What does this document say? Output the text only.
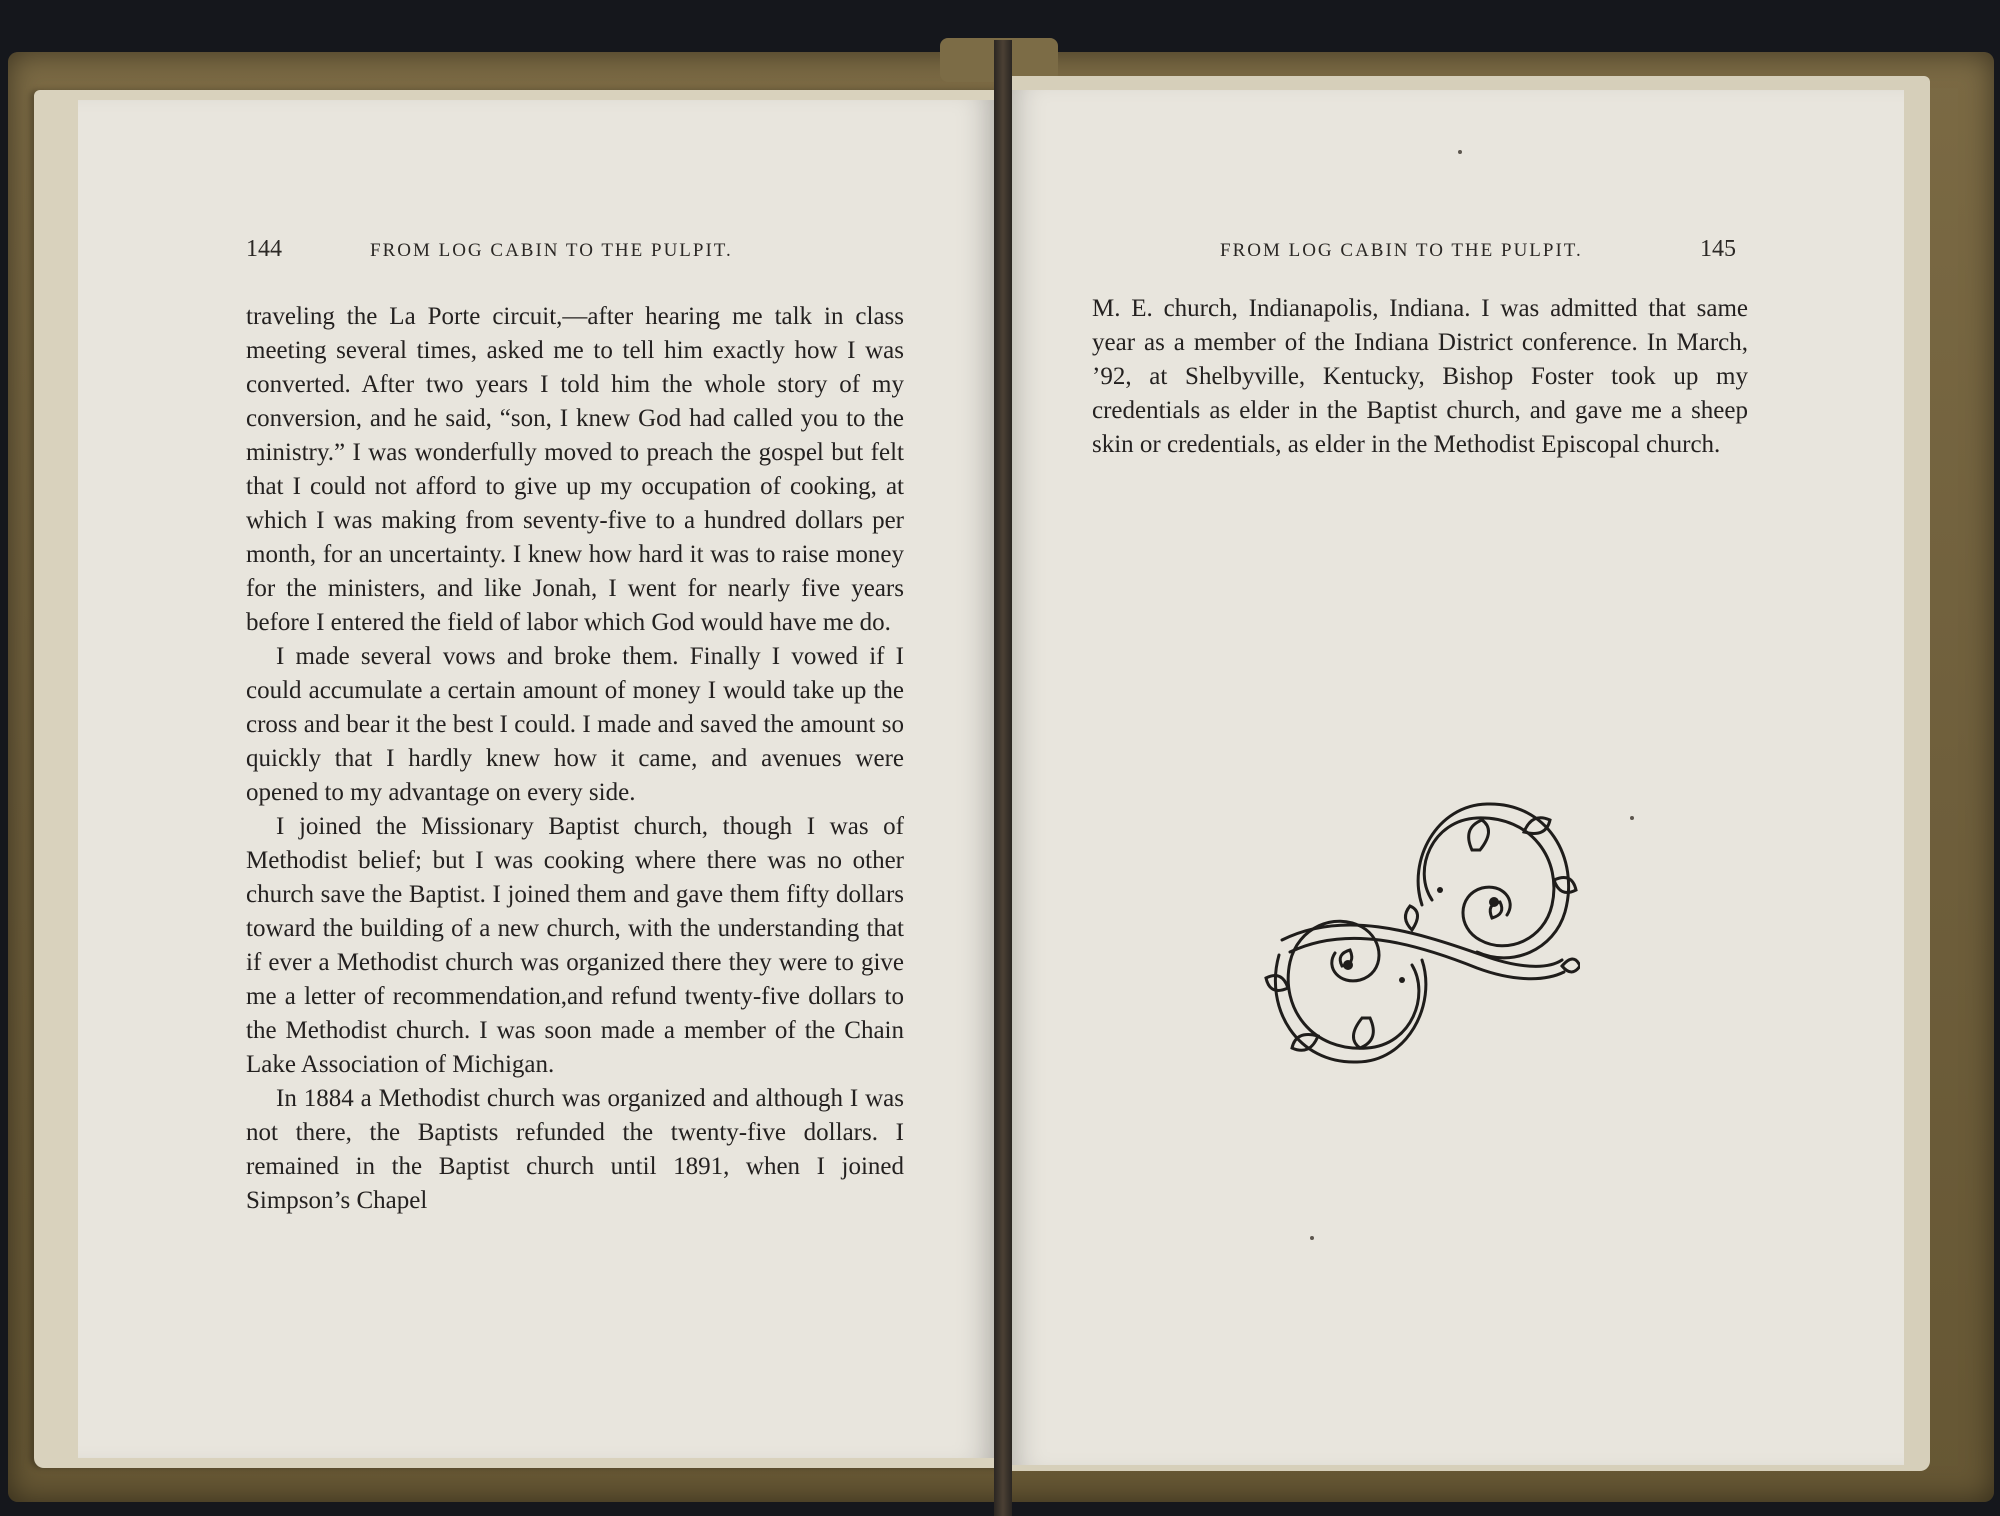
144	FROM LOG CABIN TO THE PULPIT.

traveling the La Porte circuit,—after hearing me talk in class meeting several times, asked me to tell him exactly how I was converted. After two years I told him the whole story of my conversion, and he said, “son, I knew God had called you to the ministry.” I was wonderfully moved to preach the gospel but felt that I could not afford to give up my occupation of cooking, at which I was making from seventy-five to a hundred dollars per month, for an uncertainty. I knew how hard it was to raise money for the ministers, and like Jonah, I went for nearly five years before I entered the field of labor which God would have me do.

I made several vows and broke them. Finally I vowed if I could accumulate a certain amount of money I would take up the cross and bear it the best I could. I made and saved the amount so quickly that I hardly knew how it came, and avenues were opened to my advantage on every side.

I joined the Missionary Baptist church, though I was of Methodist belief; but I was cooking where there was no other church save the Baptist. I joined them and gave them fifty dollars toward the building of a new church, with the understanding that if ever a Methodist church was organized there they were to give me a letter of recommendation,and refund twenty-five dollars to the Methodist church. I was soon made a member of the Chain Lake Association of Michigan.

In 1884 a Methodist church was organized and although I was not there, the Baptists refunded the twenty-five dollars. I remained in the Baptist church until 1891, when I joined Simpson’s Chapel

FROM LOG CABIN TO THE PULPIT.	145

M. E. church, Indianapolis, Indiana. I was admitted that same year as a member of the Indiana District conference. In March, ’92, at Shelbyville, Kentucky, Bishop Foster took up my credentials as elder in the Baptist church, and gave me a sheep skin or credentials, as elder in the Methodist Episcopal church.
